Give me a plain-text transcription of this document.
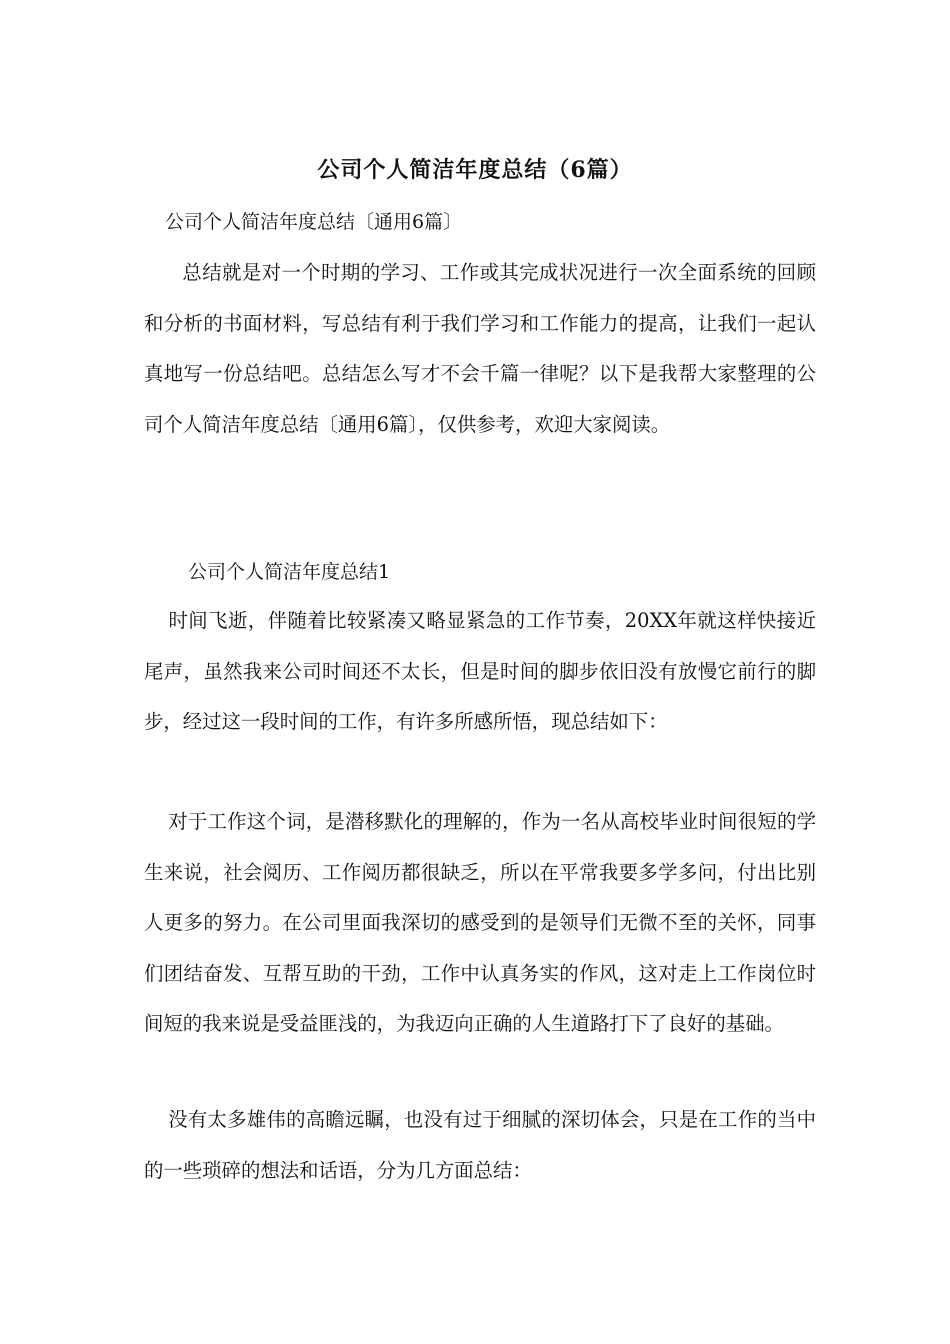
公司个人简洁年度总结（6篇）
公司个人简洁年度总结〔通用6篇〕

总结就是对一个时期的学习、工作或其完成状况进行一次全面系统的回顾和分析的书面材料，写总结有利于我们学习和工作能力的提高，让我们一起认真地写一份总结吧。总结怎么写才不会千篇一律呢？以下是我帮大家整理的公司个人简洁年度总结〔通用6篇〕，仅供参考，欢迎大家阅读。

公司个人简洁年度总结1

时间飞逝，伴随着比较紧凑又略显紧急的工作节奏，20XX年就这样快接近尾声，虽然我来公司时间还不太长，但是时间的脚步依旧没有放慢它前行的脚步，经过这一段时间的工作，有许多所感所悟，现总结如下：

对于工作这个词，是潜移默化的理解的，作为一名从高校毕业时间很短的学生来说，社会阅历、工作阅历都很缺乏，所以在平常我要多学多问，付出比别人更多的努力。在公司里面我深切的感受到的是领导们无微不至的关怀，同事们团结奋发、互帮互助的干劲，工作中认真务实的作风，这对走上工作岗位时间短的我来说是受益匪浅的，为我迈向正确的人生道路打下了良好的基础。

没有太多雄伟的高瞻远瞩，也没有过于细腻的深切体会，只是在工作的当中的一些琐碎的想法和话语，分为几方面总结：
